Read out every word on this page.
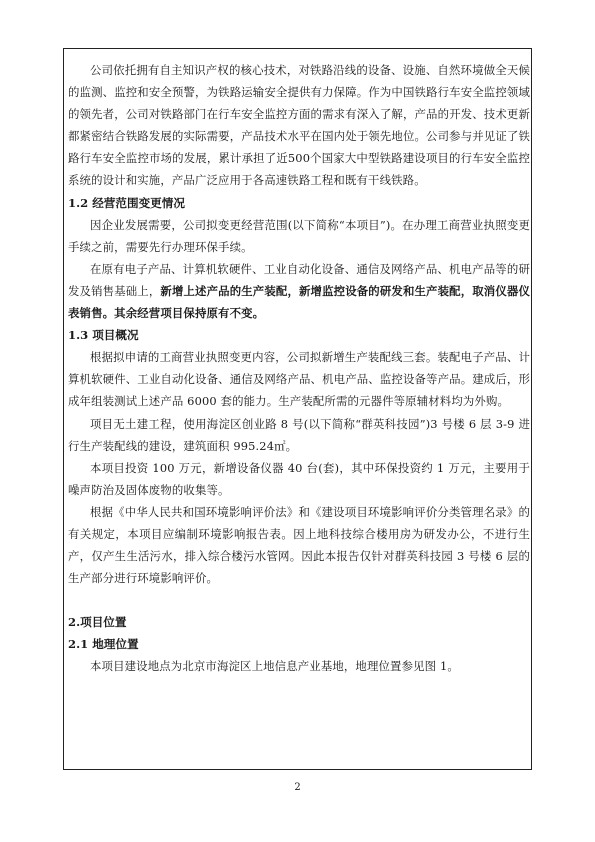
公司依托拥有自主知识产权的核心技术，对铁路沿线的设备、设施、自然环境做全天候的监测、监控和安全预警，为铁路运输安全提供有力保障。作为中国铁路行车安全监控领域的领先者，公司对铁路部门在行车安全监控方面的需求有深入了解，产品的开发、技术更新都紧密结合铁路发展的实际需要，产品技术水平在国内处于领先地位。公司参与并见证了铁路行车安全监控市场的发展，累计承担了近500个国家大中型铁路建设项目的行车安全监控系统的设计和实施，产品广泛应用于各高速铁路工程和既有干线铁路。

1.2 经营范围变更情况

因企业发展需要，公司拟变更经营范围(以下简称“本项目”)。在办理工商营业执照变更手续之前，需要先行办理环保手续。

在原有电子产品、计算机软硬件、工业自动化设备、通信及网络产品、机电产品等的研发及销售基础上，新增上述产品的生产装配，新增监控设备的研发和生产装配，取消仪器仪表销售。其余经营项目保持原有不变。

1.3 项目概况

根据拟申请的工商营业执照变更内容，公司拟新增生产装配线三套。装配电子产品、计算机软硬件、工业自动化设备、通信及网络产品、机电产品、监控设备等产品。建成后，形成年组装测试上述产品 6000 套的能力。生产装配所需的元器件等原辅材料均为外购。

项目无土建工程，使用海淀区创业路 8 号(以下简称“群英科技园”)3 号楼 6 层 3-9 进行生产装配线的建设，建筑面积 995.24㎡。

本项目投资 100 万元，新增设备仪器 40 台(套)，其中环保投资约 1 万元，主要用于噪声防治及固体废物的收集等。

根据《中华人民共和国环境影响评价法》和《建设项目环境影响评价分类管理名录》的有关规定，本项目应编制环境影响报告表。因上地科技综合楼用房为研发办公，不进行生产，仅产生生活污水，排入综合楼污水管网。因此本报告仅针对群英科技园 3 号楼 6 层的生产部分进行环境影响评价。

2.项目位置
2.1 地理位置

本项目建设地点为北京市海淀区上地信息产业基地，地理位置参见图 1。

2
